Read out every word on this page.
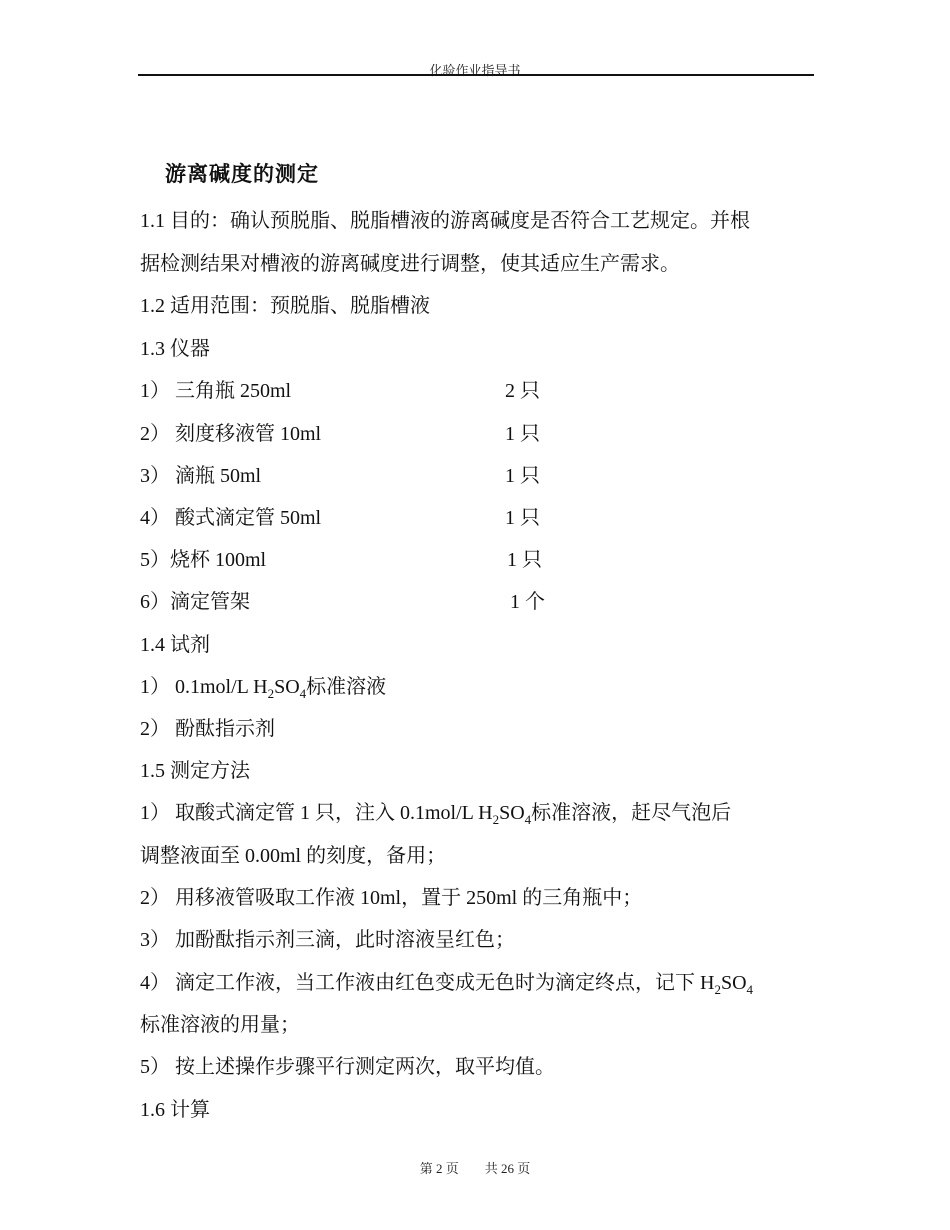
化验作业指导书
游离碱度的测定
1.1 目的：确认预脱脂、脱脂槽液的游离碱度是否符合工艺规定。并根
据检测结果对槽液的游离碱度进行调整，使其适应生产需求。
1.2 适用范围：预脱脂、脱脂槽液
1.3 仪器
1） 三角瓶 250ml	2 只
2） 刻度移液管 10ml	1 只
3） 滴瓶 50ml	1 只
4） 酸式滴定管 50ml	1 只
5）烧杯 100ml	1 只
6）滴定管架	1 个
1.4 试剂
1） 0.1mol/L $H_2SO_4$标准溶液
2） 酚酞指示剂
1.5 测定方法
1） 取酸式滴定管 1 只，注入 0.1mol/L $H_2SO_4$标准溶液，赶尽气泡后
调整液面至 0.00ml 的刻度，备用；
2） 用移液管吸取工作液 10ml，置于 250ml 的三角瓶中；
3） 加酚酞指示剂三滴，此时溶液呈红色；
4） 滴定工作液，当工作液由红色变成无色时为滴定终点，记下 $H_2SO_4$
标准溶液的用量；
5） 按上述操作步骤平行测定两次，取平均值。
1.6 计算
第 2 页 共 26 页
